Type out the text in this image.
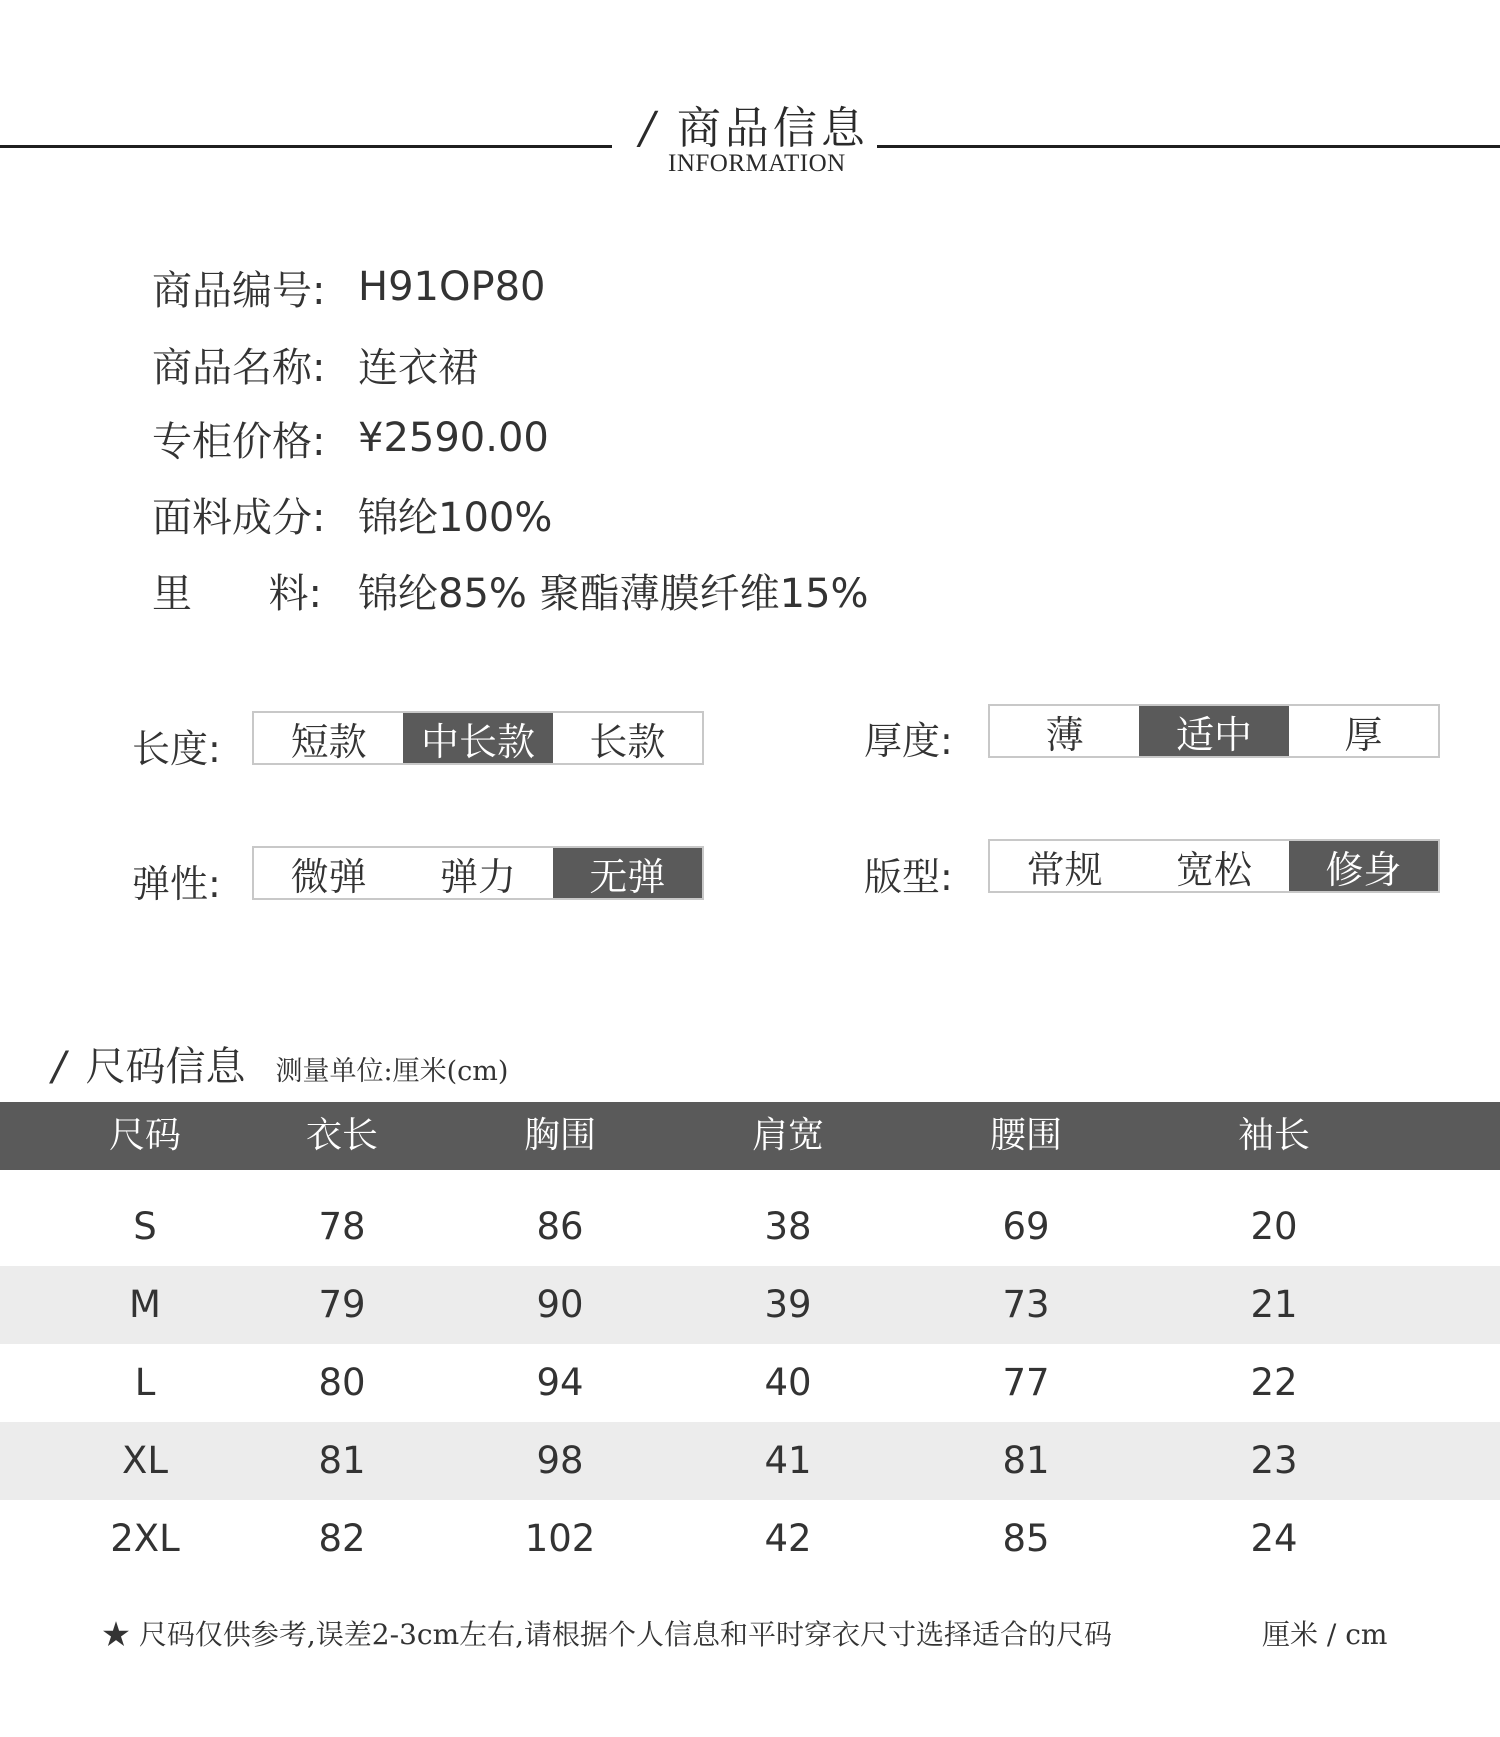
/ 商品信息
INFORMATION
商品编号: H91OP80
商品名称: 连衣裙
专柜价格: ¥2590.00
面料成分: 锦纶100%
里 料: 锦纶85% 聚酯薄膜纤维15%
长度:	短款	中长款	长款	厚度:	薄	适中	厚
弹性:	微弹	弹力	无弹	版型:	常规	宽松	修身
/ 尺码信息 测量单位:厘米(cm)
尺码	衣长	胸围	肩宽	腰围	袖长
S	78	86	38	69	20
M	79	90	39	73	21
L	80	94	40	77	22
XL	81	98	41	81	23
2XL	82	102	42	85	24
★ 尺码仅供参考,误差2-3cm左右,请根据个人信息和平时穿衣尺寸选择适合的尺码	厘米 / cm
